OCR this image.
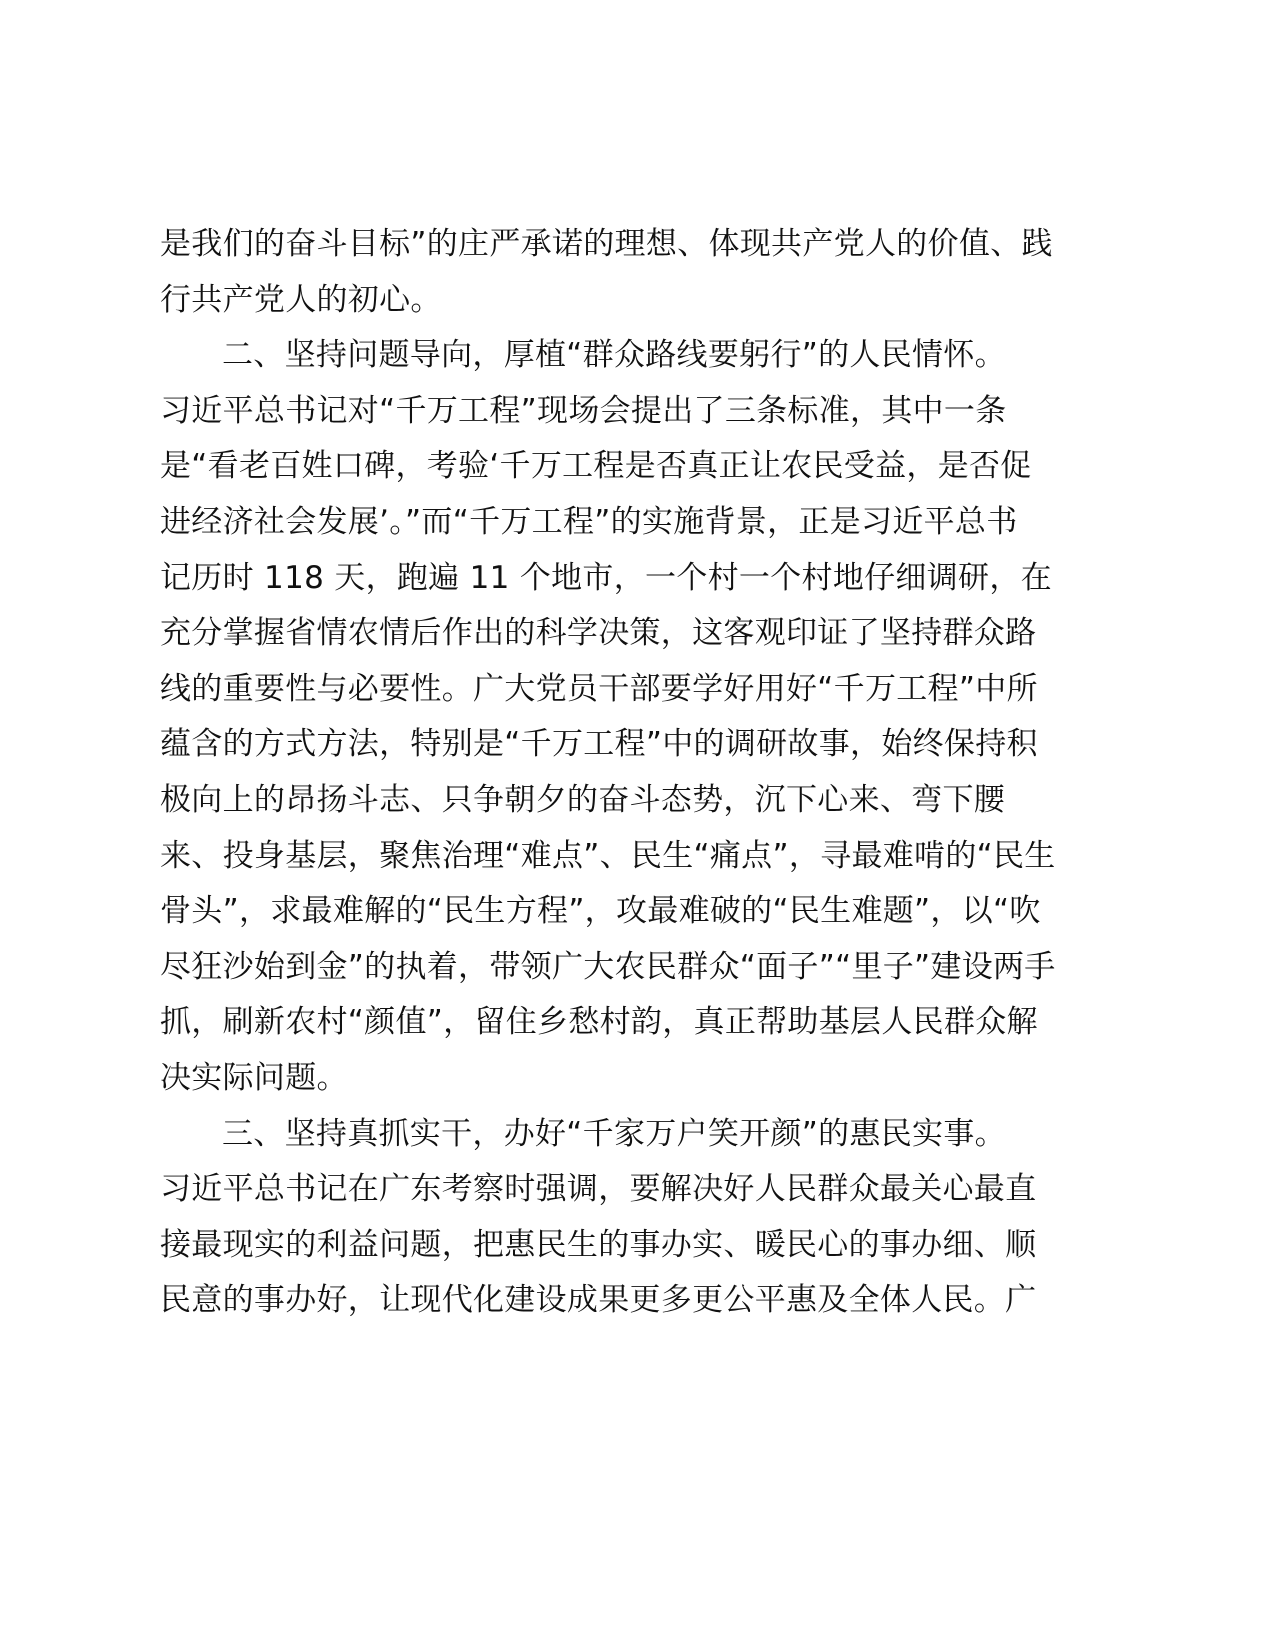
是我们的奋斗目标”的庄严承诺的理想、体现共产党人的价值、践
行共产党人的初心。
二、坚持问题导向，厚植“群众路线要躬行”的人民情怀。
习近平总书记对“千万工程”现场会提出了三条标准，其中一条
是“看老百姓口碑，考验‘千万工程是否真正让农民受益，是否促
进经济社会发展’。”而“千万工程”的实施背景，正是习近平总书
记历时 118 天，跑遍 11 个地市，一个村一个村地仔细调研，在
充分掌握省情农情后作出的科学决策，这客观印证了坚持群众路
线的重要性与必要性。广大党员干部要学好用好“千万工程”中所
蕴含的方式方法，特别是“千万工程”中的调研故事，始终保持积
极向上的昂扬斗志、只争朝夕的奋斗态势，沉下心来、弯下腰
来、投身基层，聚焦治理“难点”、民生“痛点”，寻最难啃的“民生
骨头”，求最难解的“民生方程”，攻最难破的“民生难题”，以“吹
尽狂沙始到金”的执着，带领广大农民群众“面子”“里子”建设两手
抓，刷新农村“颜值”，留住乡愁村韵，真正帮助基层人民群众解
决实际问题。
三、坚持真抓实干，办好“千家万户笑开颜”的惠民实事。
习近平总书记在广东考察时强调，要解决好人民群众最关心最直
接最现实的利益问题，把惠民生的事办实、暖民心的事办细、顺
民意的事办好，让现代化建设成果更多更公平惠及全体人民。广
